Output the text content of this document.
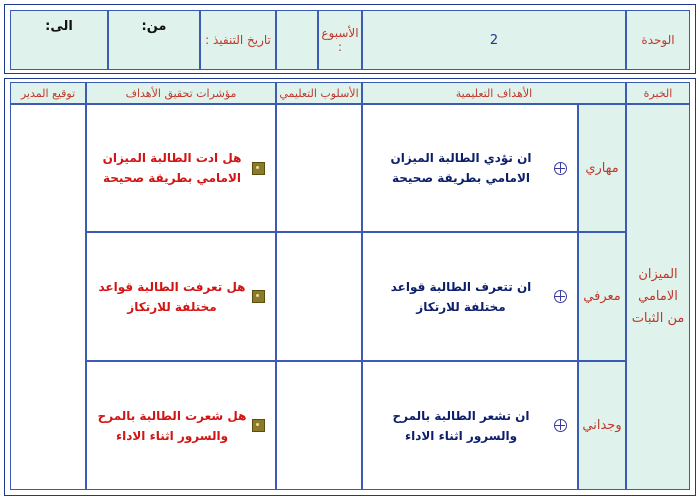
الوحدة
2
الأسبوع :
تاريخ التنفيذ :
من:
الى:
الخبرة
الأهداف التعليمية
الأسلوب التعليمي
مؤشرات تحقيق الأهداف
توقيع المدير
الميزان الامامي من الثبات
مهاري
ان تؤدي الطالبة الميزان الامامي بطريقة صحيحة
هل ادت الطالبة الميزان الامامي بطريقة صحيحة
معرفي
ان تتعرف الطالبة قواعد مختلفة للارتكاز
هل تعرفت الطالبة قواعد مختلفة للارتكاز
وجداني
ان تشعر الطالبة بالمرح والسرور اثناء الاداء
هل شعرت الطالبة بالمرح والسرور اثناء الاداء
